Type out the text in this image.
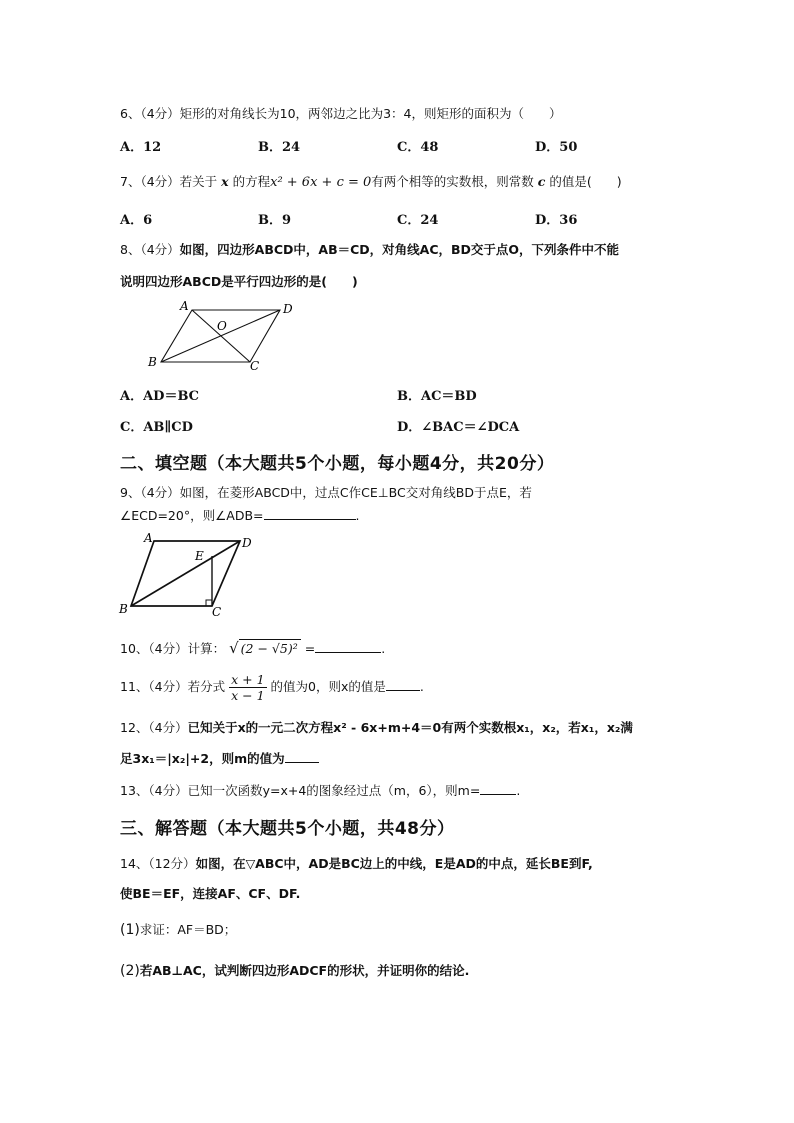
6、（4分）矩形的对角线长为10，两邻边之比为3：4，则矩形的面积为（　　）
A．12	B．24	C．48	D．50
7、（4分）若关于 x 的方程x² + 6x + c = 0有两个相等的实数根，则常数 c 的值是(　　)
A．6	B．9	C．24	D．36
8、（4分）如图，四边形ABCD中，AB＝CD，对角线AC，BD交于点O，下列条件中不能
说明四边形ABCD是平行四边形的是(　　)
A	D
O
B	C
A．AD＝BC	B．AC＝BD
C．AB∥CD	D．∠BAC＝∠DCA
二、填空题（本大题共5个小题，每小题4分，共20分）
9、（4分）如图，在菱形ABCD中，过点C作CE⊥BC交对角线BD于点E，若
∠ECD=20°，则∠ADB=	.
A	D
E
B	C
10、（4分）计算： √ (2 − √5)² =	.
11、（4分）若分式 $\frac{x + 1}{x - 1}$ 的值为0，则x的值是	.
12、（4分）已知关于x的一元二次方程x² - 6x+m+4＝0有两个实数根x₁，x₂，若x₁，x₂满
足3x₁＝|x₂|+2，则m的值为
13、（4分）已知一次函数y=x+4的图象经过点（m，6），则m=	.
三、解答题（本大题共5个小题，共48分）
14、（12分）如图，在▽ABC中，AD是BC边上的中线，E是AD的中点，延长BE到F,
使BE＝EF，连接AF、CF、DF.
(1)求证：AF＝BD；
(2)若AB⊥AC，试判断四边形ADCF的形状，并证明你的结论.
